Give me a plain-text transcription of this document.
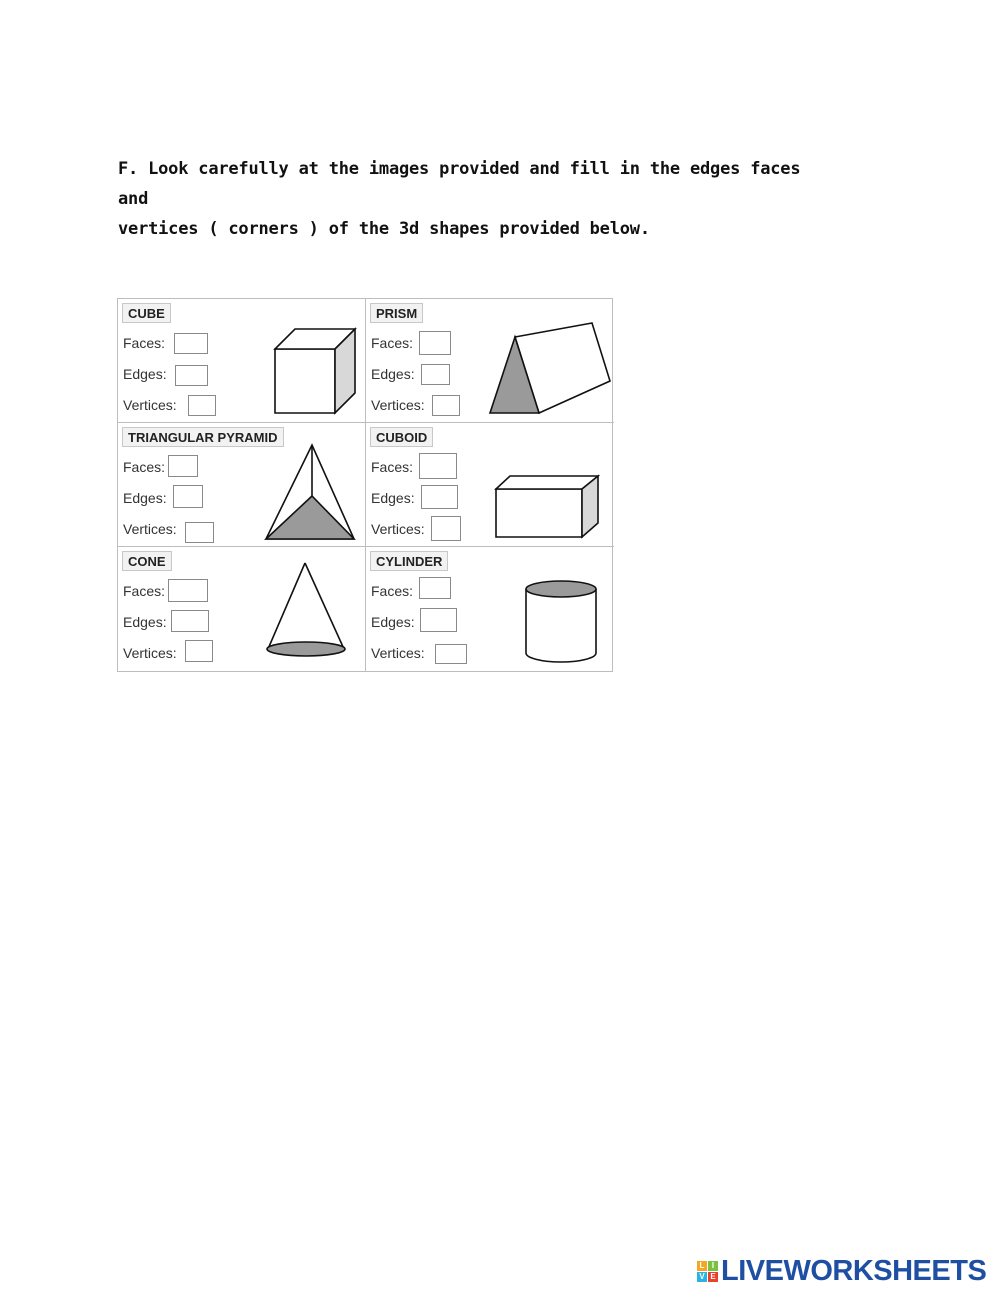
F. Look carefully at the images provided and fill in the edges faces and
vertices ( corners ) of the 3d shapes provided below.
CUBE
Faces:
Edges:
Vertices:
PRISM
Faces:
Edges:
Vertices:
TRIANGULAR PYRAMID
Faces:
Edges:
Vertices:
CUBOID
Faces:
Edges:
Vertices:
CONE
Faces:
Edges:
Vertices:
CYLINDER
Faces:
Edges:
Vertices:
L I
V E LIVEWORKSHEETS
